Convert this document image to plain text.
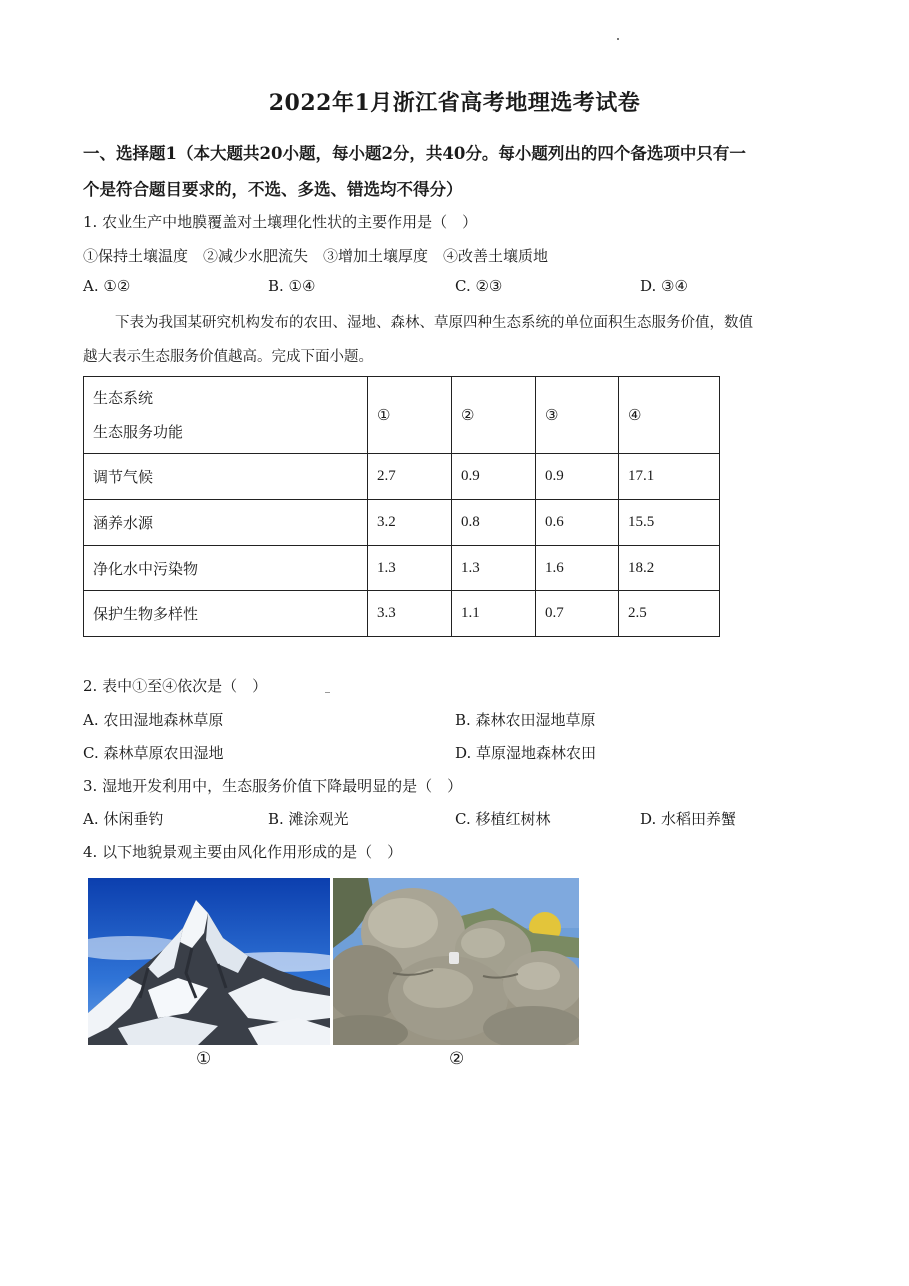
2022年1月浙江省高考地理选考试卷
一、选择题1（本大题共20小题，每小题2分，共40分。每小题列出的四个备选项中只有一
个是符合题目要求的，不选、多选、错选均不得分）
1. 农业生产中地膜覆盖对土壤理化性状的主要作用是（　）
①保持土壤温度　②减少水肥流失　③增加土壤厚度　④改善土壤质地
A. ①②	B. ①④	C. ②③	D. ③④
下表为我国某研究机构发布的农田、湿地、森林、草原四种生态系统的单位面积生态服务价值，数值
越大表示生态服务价值越高。完成下面小题。
生态系统
生态服务功能	①	②	③	④
调节气候	2.7	0.9	0.9	17.1
涵养水源	3.2	0.8	0.6	15.5
净化水中污染物	1.3	1.3	1.6	18.2
保护生物多样性	3.3	1.1	0.7	2.5
2. 表中①至④依次是（　）
A. 农田湿地森林草原	B. 森林农田湿地草原
C. 森林草原农田湿地	D. 草原湿地森林农田
3. 湿地开发利用中，生态服务价值下降最明显的是（　）
A. 休闲垂钓	B. 滩涂观光	C. 移植红树林	D. 水稻田养蟹
4. 以下地貌景观主要由风化作用形成的是（　）
①	②
